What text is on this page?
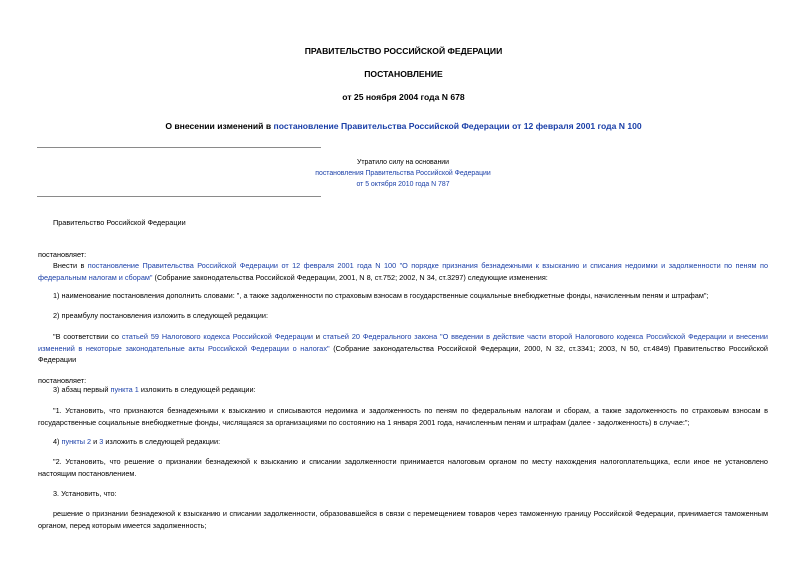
ПРАВИТЕЛЬСТВО РОССИЙСКОЙ ФЕДЕРАЦИИ
ПОСТАНОВЛЕНИЕ
от 25 ноября 2004 года N 678
О внесении изменений в постановление Правительства Российской Федерации от 12 февраля 2001 года N 100
Утратило силу на основании
постановления Правительства Российской Федерации
от 5 октября 2010 года N 787
Правительство Российской Федерации
постановляет:
Внести в постановление Правительства Российской Федерации от 12 февраля 2001 года N 100 "О порядке признания безнадежными к взысканию и списания недоимки и задолженности по пеням по федеральным налогам и сборам" (Собрание законодательства Российской Федерации, 2001, N 8, ст.752; 2002, N 34, ст.3297) следующие изменения:
1) наименование постановления дополнить словами: ", а также задолженности по страховым взносам в государственные социальные внебюджетные фонды, начисленным пеням и штрафам";
2) преамбулу постановления изложить в следующей редакции:
"В соответствии со статьей 59 Налогового кодекса Российской Федерации и статьей 20 Федерального закона "О введении в действие части второй Налогового кодекса Российской Федерации и внесении изменений в некоторые законодательные акты Российской Федерации о налогах" (Собрание законодательства Российской Федерации, 2000, N 32, ст.3341; 2003, N 50, ст.4849) Правительство Российской Федерации
постановляет:
3) абзац первый пункта 1 изложить в следующей редакции:
"1. Установить, что признаются безнадежными к взысканию и списываются недоимка и задолженность по пеням по федеральным налогам и сборам, а также задолженность по страховым взносам в государственные социальные внебюджетные фонды, числящаяся за организациями по состоянию на 1 января 2001 года, начисленным пеням и штрафам (далее - задолженность) в случае:";
4) пункты 2 и 3 изложить в следующей редакции:
"2. Установить, что решение о признании безнадежной к взысканию и списании задолженности принимается налоговым органом по месту нахождения налогоплательщика, если иное не установлено настоящим постановлением.
3. Установить, что:
решение о признании безнадежной к взысканию и списании задолженности, образовавшейся в связи с перемещением товаров через таможенную границу Российской Федерации, принимается таможенным органом, перед которым имеется задолженность;
